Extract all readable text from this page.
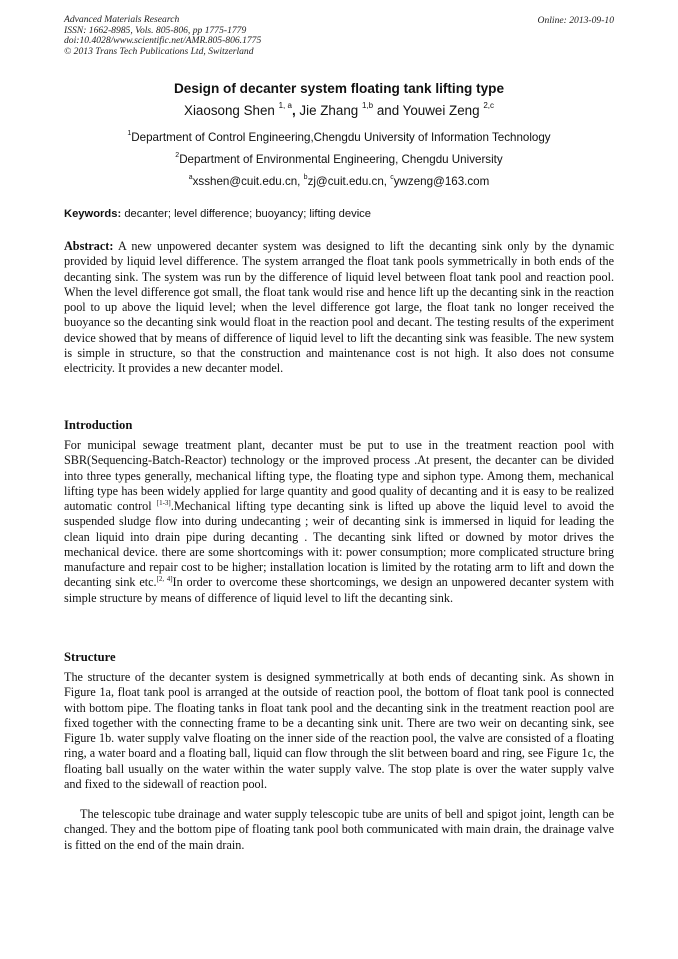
Advanced Materials Research
ISSN: 1662-8985, Vols. 805-806, pp 1775-1779
doi:10.4028/www.scientific.net/AMR.805-806.1775
© 2013 Trans Tech Publications Ltd, Switzerland
Online: 2013-09-10
Design of decanter system floating tank lifting type
Xiaosong Shen $^{1, a}$, Jie Zhang $^{1,b}$ and Youwei Zeng $^{2,c}$
$^1$Department of Control Engineering,Chengdu University of Information Technology
$^2$Department of Environmental Engineering, Chengdu University
$^a$xsshen@cuit.edu.cn, $^b$zj@cuit.edu.cn, $^c$ywzeng@163.com
Keywords: decanter; level difference; buoyancy; lifting device
Abstract: A new unpowered decanter system was designed to lift the decanting sink only by the dynamic provided by liquid level difference. The system arranged the float tank pools symmetrically in both ends of the decanting sink. The system was run by the difference of liquid level between float tank pool and reaction pool. When the level difference got small, the float tank would rise and hence lift up the decanting sink in the reaction pool to up above the liquid level; when the level difference got large, the float tank no longer received the buoyance so the decanting sink would float in the reaction pool and decant. The testing results of the experiment device showed that by means of difference of liquid level to lift the decanting sink was feasible. The new system is simple in structure, so that the construction and maintenance cost is not high. It also does not consume electricity. It provides a new decanter model.
Introduction
For municipal sewage treatment plant, decanter must be put to use in the treatment reaction pool with SBR(Sequencing-Batch-Reactor) technology or the improved process .At present, the decanter can be divided into three types generally, mechanical lifting type, the floating type and siphon type. Among them, mechanical lifting type has been widely applied for large quantity and good quality of decanting and it is easy to be realized automatic control [1-3].Mechanical lifting type decanting sink is lifted up above the liquid level to avoid the suspended sludge flow into during undecanting ; weir of decanting sink is immersed in liquid for leading the clean liquid into drain pipe during decanting . The decanting sink lifted or downed by motor drives the mechanical device. there are some shortcomings with it: power consumption; more complicated structure bring manufacture and repair cost to be higher; installation location is limited by the rotating arm to lift and down the decanting sink etc.[2, 4]In order to overcome these shortcomings, we design an unpowered decanter system with simple structure by means of difference of liquid level to lift the decanting sink.
Structure
The structure of the decanter system is designed symmetrically at both ends of decanting sink. As shown in Figure 1a, float tank pool is arranged at the outside of reaction pool, the bottom of float tank pool is connected with bottom pipe. The floating tanks in float tank pool and the decanting sink in the treatment reaction pool are fixed together with the connecting frame to be a decanting sink unit. There are two weir on decanting sink, see Figure 1b. water supply valve floating on the inner side of the reaction pool, the valve are consisted of a floating ring, a water board and a floating ball, liquid can flow through the slit between board and ring, see Figure 1c, the floating ball usually on the water within the water supply valve. The stop plate is over the water supply valve and fixed to the sidewall of reaction pool.
The telescopic tube drainage and water supply telescopic tube are units of bell and spigot joint, length can be changed. They and the bottom pipe of floating tank pool both communicated with main drain, the drainage valve is fitted on the end of the main drain.
